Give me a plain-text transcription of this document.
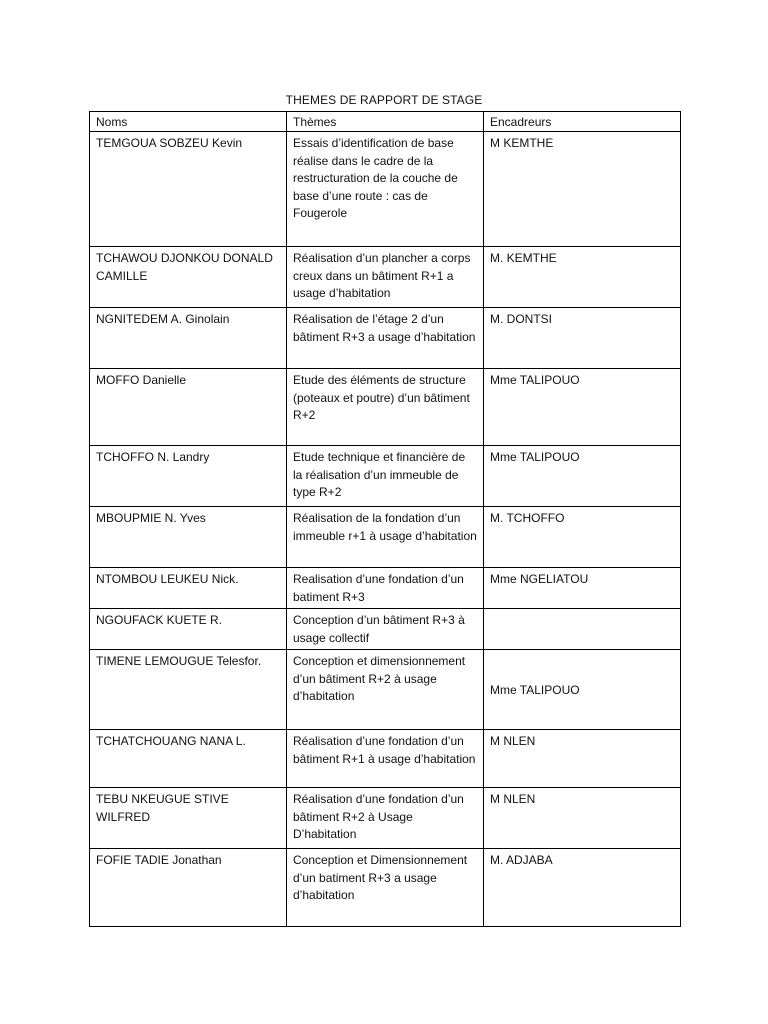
THEMES DE RAPPORT DE STAGE
Noms	Thèmes	Encadreurs
TEMGOUA SOBZEU Kevin	Essais d’identification de base réalise dans le cadre de la restructuration de la couche de base d’une route : cas de Fougerole	M KEMTHE
TCHAWOU DJONKOU DONALD CAMILLE	Réalisation d’un plancher a corps creux dans un bâtiment R+1 a usage d’habitation	M. KEMTHE
NGNITEDEM A. Ginolain	Réalisation de l’étage 2 d’un bâtiment R+3 a usage d’habitation	M. DONTSI
MOFFO Danielle	Etude des éléments de structure (poteaux et poutre) d’un bâtiment R+2	Mme TALIPOUO
TCHOFFO N. Landry	Etude technique et financière de la réalisation d’un immeuble de type R+2	Mme TALIPOUO
MBOUPMIE N. Yves	Réalisation de la fondation d’un immeuble r+1 à usage d’habitation	M. TCHOFFO
NTOMBOU LEUKEU Nick.	Realisation d’une fondation d’un batiment R+3	Mme NGELIATOU
NGOUFACK KUETE R.	Conception d’un bâtiment R+3 à usage collectif	
TIMENE LEMOUGUE Telesfor.	Conception et dimensionnement d’un bâtiment R+2 à usage d’habitation	Mme TALIPOUO
TCHATCHOUANG NANA L.	Réalisation d’une fondation d’un bâtiment R+1 à usage d’habitation	M NLEN
TEBU NKEUGUE STIVE WILFRED	Réalisation d’une fondation d’un bâtiment R+2 à Usage D’habitation	M NLEN
FOFIE TADIE Jonathan	Conception et Dimensionnement d’un batiment R+3 a usage d’habitation	M. ADJABA
